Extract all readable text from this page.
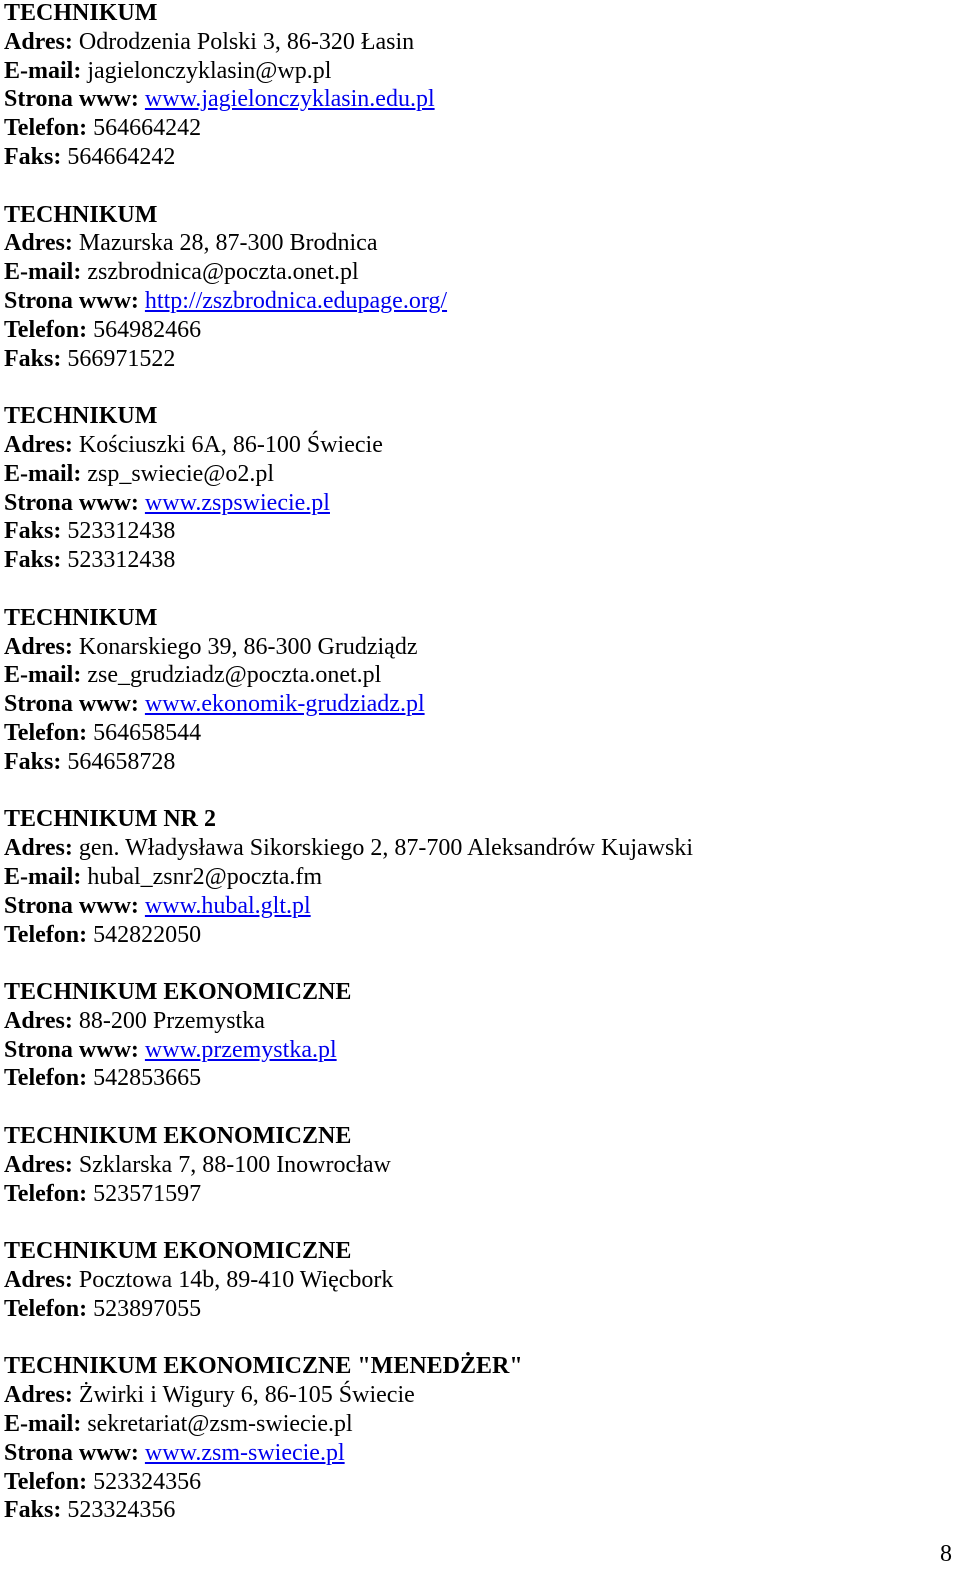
TECHNIKUM
Adres: Odrodzenia Polski 3, 86-320 Łasin
E-mail: jagielonczyklasin@wp.pl
Strona www: www.jagielonczyklasin.edu.pl
Telefon: 564664242
Faks: 564664242
TECHNIKUM
Adres: Mazurska 28, 87-300 Brodnica
E-mail: zszbrodnica@poczta.onet.pl
Strona www: http://zszbrodnica.edupage.org/
Telefon: 564982466
Faks: 566971522
TECHNIKUM
Adres: Kościuszki 6A, 86-100 Świecie
E-mail: zsp_swiecie@o2.pl
Strona www: www.zspswiecie.pl
Faks: 523312438
Faks: 523312438
TECHNIKUM
Adres: Konarskiego 39, 86-300 Grudziądz
E-mail: zse_grudziadz@poczta.onet.pl
Strona www: www.ekonomik-grudziadz.pl
Telefon: 564658544
Faks: 564658728
TECHNIKUM NR 2
Adres: gen. Władysława Sikorskiego 2, 87-700 Aleksandrów Kujawski
E-mail: hubal_zsnr2@poczta.fm
Strona www: www.hubal.glt.pl
Telefon: 542822050
TECHNIKUM EKONOMICZNE
Adres: 88-200 Przemystka
Strona www: www.przemystka.pl
Telefon: 542853665
TECHNIKUM EKONOMICZNE
Adres: Szklarska 7, 88-100 Inowrocław
Telefon: 523571597
TECHNIKUM EKONOMICZNE
Adres: Pocztowa 14b, 89-410 Więcbork
Telefon: 523897055
TECHNIKUM EKONOMICZNE "MENEDŻER"
Adres: Żwirki i Wigury 6, 86-105 Świecie
E-mail: sekretariat@zsm-swiecie.pl
Strona www: www.zsm-swiecie.pl
Telefon: 523324356
Faks: 523324356
8
